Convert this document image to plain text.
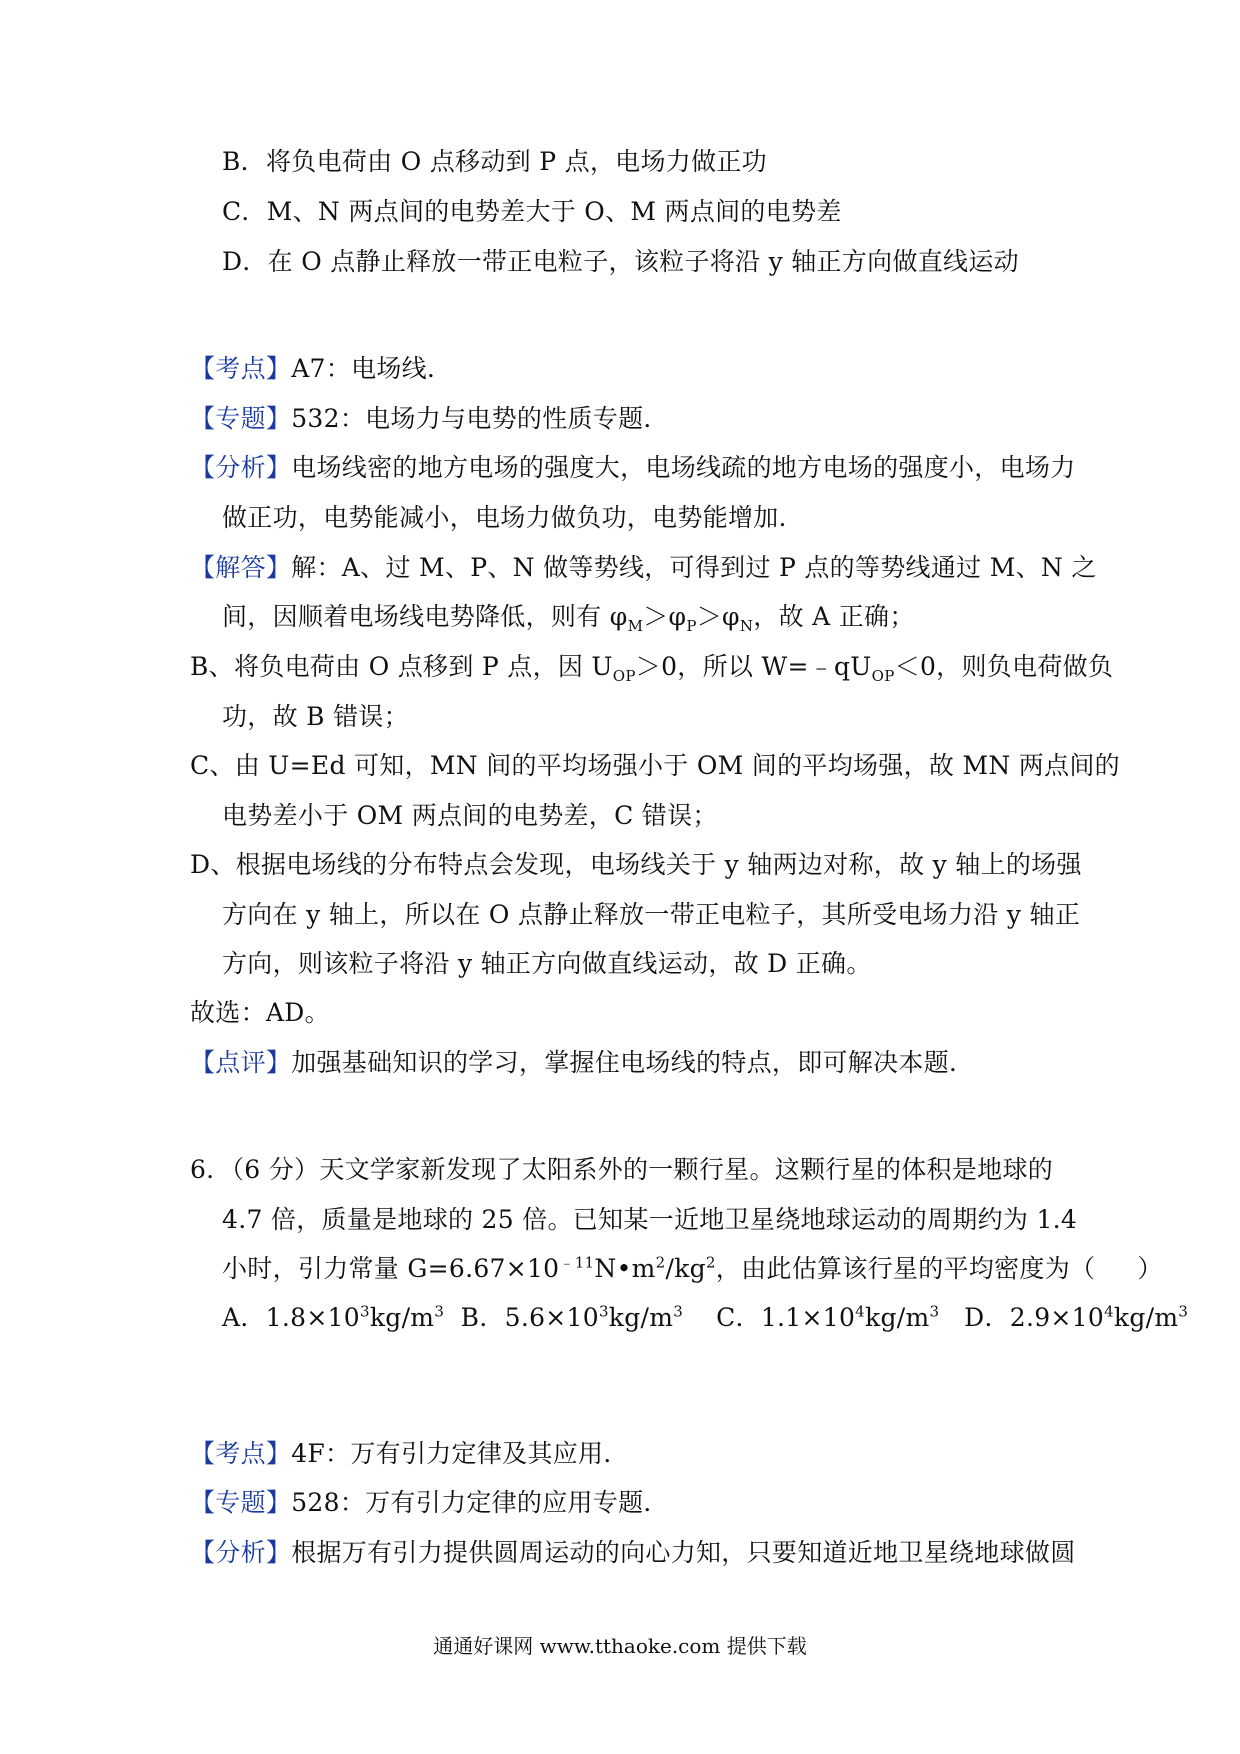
B．将负电荷由 O 点移动到 P 点，电场力做正功
C．M、N 两点间的电势差大于 O、M 两点间的电势差
D．在 O 点静止释放一带正电粒子，该粒子将沿 y 轴正方向做直线运动
【考点】A7：电场线．
【专题】532：电场力与电势的性质专题．
【分析】电场线密的地方电场的强度大，电场线疏的地方电场的强度小，电场力
做正功，电势能减小，电场力做负功，电势能增加．
【解答】解：A、过 M、P、N 做等势线，可得到过 P 点的等势线通过 M、N 之
间，因顺着电场线电势降低，则有 $\varphi_M>\varphi_P>\varphi_N$，故 A 正确；
B、将负电荷由 O 点移到 P 点，因 $U_{OP}>0$，所以 $W=﹣qU_{OP}<0$，则负电荷做负
功，故 B 错误；
C、由 U=Ed 可知，MN 间的平均场强小于 OM 间的平均场强，故 MN 两点间的
电势差小于 OM 两点间的电势差，C 错误；
D、根据电场线的分布特点会发现，电场线关于 y 轴两边对称，故 y 轴上的场强
方向在 y 轴上，所以在 O 点静止释放一带正电粒子，其所受电场力沿 y 轴正
方向，则该粒子将沿 y 轴正方向做直线运动，故 D 正确。
故选：AD。
【点评】加强基础知识的学习，掌握住电场线的特点，即可解决本题．
6．（6 分）天文学家新发现了太阳系外的一颗行星。这颗行星的体积是地球的
4.7 倍，质量是地球的 25 倍。已知某一近地卫星绕地球运动的周期约为 1.4
小时，引力常量 $G=6.67\times 10^{﹣11}N•m^2/kg^2$，由此估算该行星的平均密度为（ ）
A．$1.8\times 10^3kg/m^3$ B．$5.6\times 10^3kg/m^3$ C．$1.1\times 10^4kg/m^3$ D．$2.9\times 10^4kg/m^3$
【考点】4F：万有引力定律及其应用．
【专题】528：万有引力定律的应用专题．
【分析】根据万有引力提供圆周运动的向心力知，只要知道近地卫星绕地球做圆
通通好课网 www.tthaoke.com 提供下载
